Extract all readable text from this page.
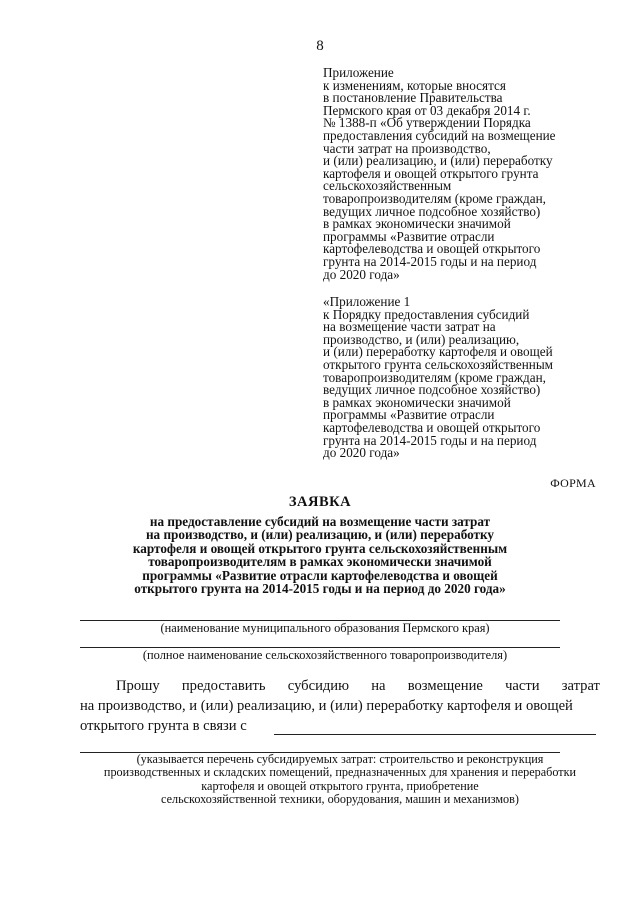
8
Приложение
к изменениям, которые вносятся
в постановление Правительства
Пермского края от 03 декабря 2014 г.
№ 1388-п «Об утверждении Порядка
предоставления субсидий на возмещение
части затрат на производство,
и (или) реализацию, и (или) переработку
картофеля и овощей открытого грунта
сельскохозяйственным
товаропроизводителям (кроме граждан,
ведущих личное подсобное хозяйство)
в рамках экономически значимой
программы «Развитие отрасли
картофелеводства и овощей открытого
грунта на 2014-2015 годы и на период
до 2020 года»
«Приложение 1
к Порядку предоставления субсидий
на возмещение части затрат на
производство, и (или) реализацию,
и (или) переработку картофеля и овощей
открытого грунта сельскохозяйственным
товаропроизводителям (кроме граждан,
ведущих личное подсобное хозяйство)
в рамках экономически значимой
программы «Развитие отрасли
картофелеводства и овощей открытого
грунта на 2014-2015 годы и на период
до 2020 года»
ФОРМА
ЗАЯВКА
на предоставление субсидий на возмещение части затрат
на производство, и (или) реализацию, и (или) переработку
картофеля и овощей открытого грунта сельскохозяйственным
товаропроизводителям в рамках экономически значимой
программы «Развитие отрасли картофелеводства и овощей
открытого грунта на 2014-2015 годы и на период до 2020 года»
(наименование муниципального образования Пермского края)
(полное наименование сельскохозяйственного товаропроизводителя)
Прошу предоставить субсидию на возмещение части затрат
на производство, и (или) реализацию, и (или) переработку картофеля и овощей
открытого грунта в связи с
(указывается перечень субсидируемых затрат: строительство и реконструкция
производственных и складских помещений, предназначенных для хранения и переработки
картофеля и овощей открытого грунта, приобретение
сельскохозяйственной техники, оборудования, машин и механизмов)
